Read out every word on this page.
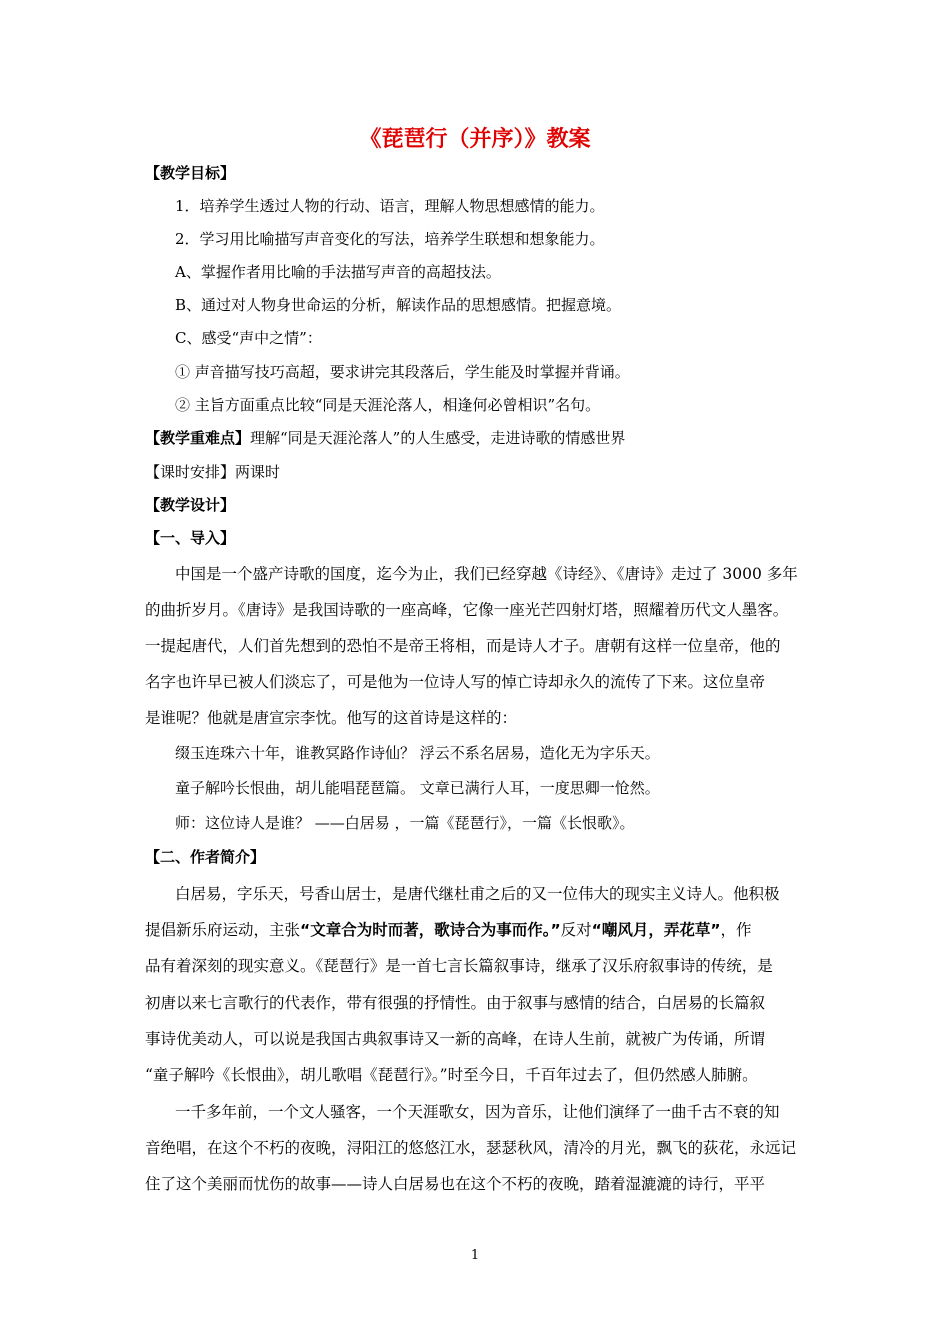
《琵琶行（并序）》教案
【教学目标】
1．培养学生透过人物的行动、语言，理解人物思想感情的能力。
2．学习用比喻描写声音变化的写法，培养学生联想和想象能力。
A、掌握作者用比喻的手法描写声音的高超技法。
B、通过对人物身世命运的分析，解读作品的思想感情。把握意境。
C、感受“声中之情”：
① 声音描写技巧高超，要求讲完其段落后，学生能及时掌握并背诵。
② 主旨方面重点比较“同是天涯沦落人，相逢何必曾相识”名句。
【教学重难点】理解“同是天涯沦落人”的人生感受，走进诗歌的情感世界
【课时安排】两课时
【教学设计】
【一、导入】
中国是一个盛产诗歌的国度，迄今为止，我们已经穿越《诗经》、《唐诗》走过了 3000 多年
的曲折岁月。《唐诗》是我国诗歌的一座高峰，它像一座光芒四射灯塔，照耀着历代文人墨客。
一提起唐代，人们首先想到的恐怕不是帝王将相，而是诗人才子。唐朝有这样一位皇帝，他的
名字也许早已被人们淡忘了，可是他为一位诗人写的悼亡诗却永久的流传了下来。这位皇帝
是谁呢？他就是唐宣宗李忱。他写的这首诗是这样的：
缀玉连珠六十年，谁教冥路作诗仙？ 浮云不系名居易，造化无为字乐天。
童子解吟长恨曲，胡儿能唱琵琶篇。 文章已满行人耳，一度思卿一怆然。
师：这位诗人是谁？ ——白居易 ，一篇《琵琶行》，一篇《长恨歌》。
【二、作者简介】
白居易，字乐天，号香山居士，是唐代继杜甫之后的又一位伟大的现实主义诗人。他积极
提倡新乐府运动，主张“文章合为时而著，歌诗合为事而作。”反对“嘲风月，弄花草”，作
品有着深刻的现实意义。《琵琶行》是一首七言长篇叙事诗，继承了汉乐府叙事诗的传统，是
初唐以来七言歌行的代表作，带有很强的抒情性。由于叙事与感情的结合，白居易的长篇叙
事诗优美动人，可以说是我国古典叙事诗又一新的高峰，在诗人生前，就被广为传诵，所谓
“童子解吟《长恨曲》，胡儿歌唱《琵琶行》。”时至今日，千百年过去了，但仍然感人肺腑。
一千多年前，一个文人骚客，一个天涯歌女，因为音乐，让他们演绎了一曲千古不衰的知
音绝唱，在这个不朽的夜晚，浔阳江的悠悠江水，瑟瑟秋风，清冷的月光，飘飞的荻花，永远记
住了这个美丽而忧伤的故事——诗人白居易也在这个不朽的夜晚，踏着湿漉漉的诗行，平平
1
